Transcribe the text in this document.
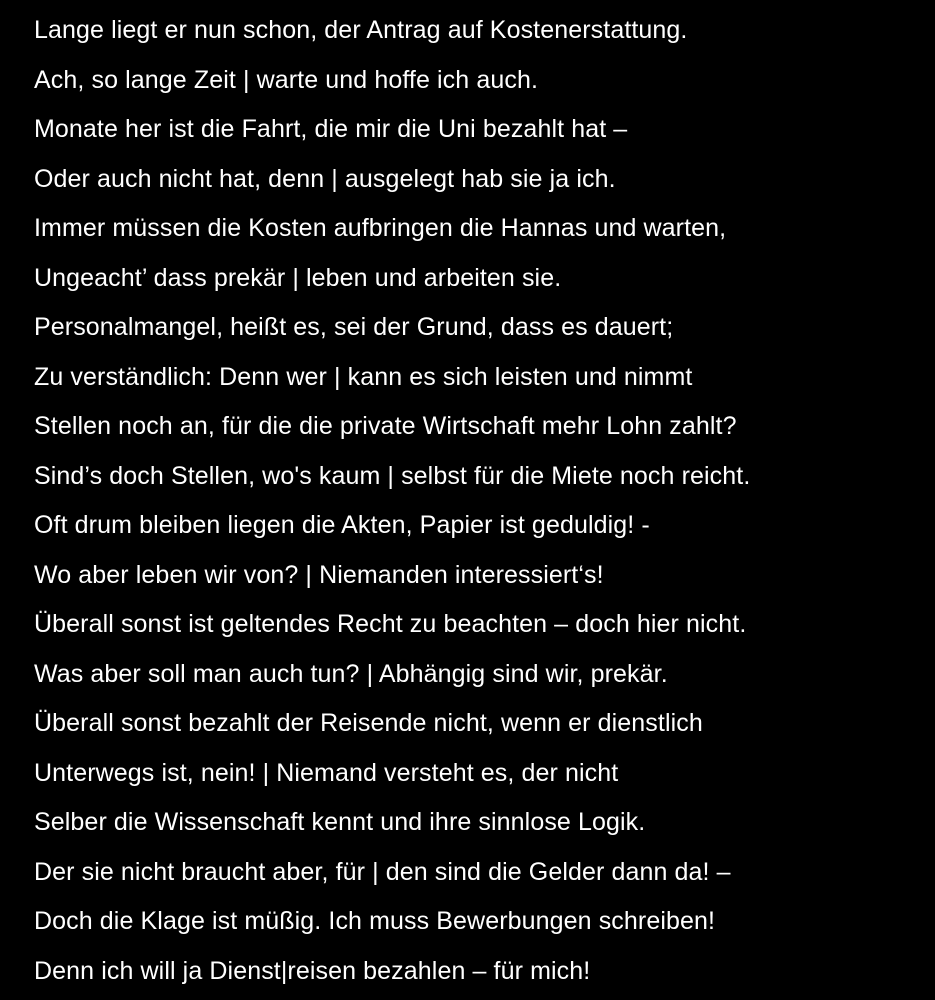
Lange liegt er nun schon, der Antrag auf Kostenerstattung.
Ach, so lange Zeit | warte und hoffe ich auch.
Monate her ist die Fahrt, die mir die Uni bezahlt hat –
Oder auch nicht hat, denn | ausgelegt hab sie ja ich.
Immer müssen die Kosten aufbringen die Hannas und warten,
Ungeacht’ dass prekär | leben und arbeiten sie.
Personalmangel, heißt es, sei der Grund, dass es dauert;
Zu verständlich: Denn wer | kann es sich leisten und nimmt
Stellen noch an, für die die private Wirtschaft mehr Lohn zahlt?
Sind’s doch Stellen, wo's kaum | selbst für die Miete noch reicht.
Oft drum bleiben liegen die Akten, Papier ist geduldig! -
Wo aber leben wir von? | Niemanden interessiert‘s!
Überall sonst ist geltendes Recht zu beachten – doch hier nicht.
Was aber soll man auch tun? | Abhängig sind wir, prekär.
Überall sonst bezahlt der Reisende nicht, wenn er dienstlich
Unterwegs ist, nein! | Niemand versteht es, der nicht
Selber die Wissenschaft kennt und ihre sinnlose Logik.
Der sie nicht braucht aber, für | den sind die Gelder dann da! –
Doch die Klage ist müßig. Ich muss Bewerbungen schreiben!
Denn ich will ja Dienst|reisen bezahlen – für mich!
